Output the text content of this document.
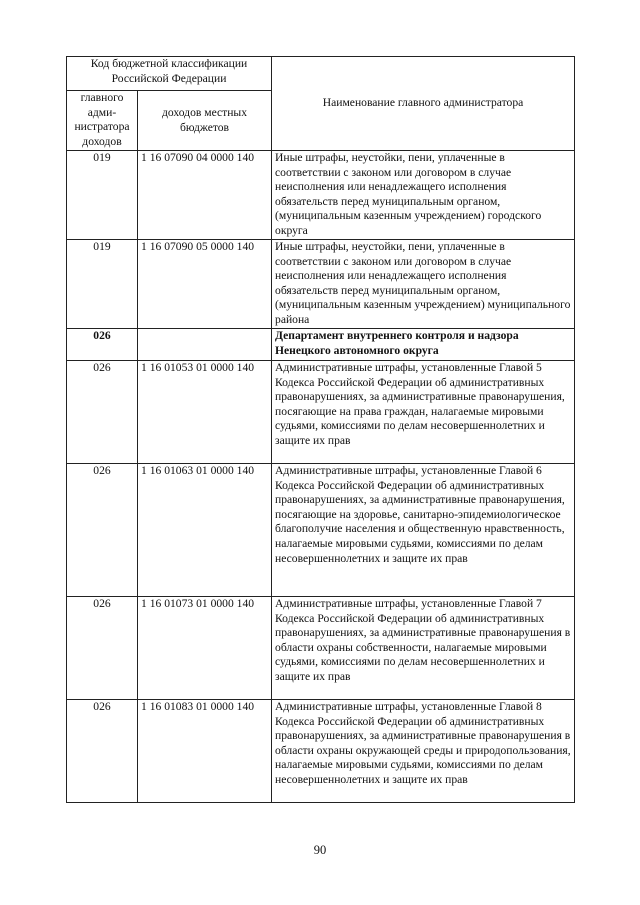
Код бюджетной классификации Российской Федерации		Наименование главного администратора

главного адми-нистратора доходов	доходов местных бюджетов	

019	1 16 07090 04 0000 140	Иные штрафы, неустойки, пени, уплаченные в соответствии с законом или договором в случае неисполнения или ненадлежащего исполнения обязательств перед муниципальным органом, (муниципальным казенным учреждением) городского округа
019	1 16 07090 05 0000 140	Иные штрафы, неустойки, пени, уплаченные в соответствии с законом или договором в случае неисполнения или ненадлежащего исполнения обязательств перед муниципальным органом, (муниципальным казенным учреждением) муниципального района
026		Департамент внутреннего контроля и надзора Ненецкого автономного округа
026	1 16 01053 01 0000 140	Административные штрафы, установленные Главой 5 Кодекса Российской Федерации об административных правонарушениях, за административные правонарушения, посягающие на права граждан, налагаемые мировыми судьями, комиссиями по делам несовершеннолетних и защите их прав
026	1 16 01063 01 0000 140	Административные штрафы, установленные Главой 6 Кодекса Российской Федерации об административных правонарушениях, за административные правонарушения, посягающие на здоровье, санитарно-эпидемиологическое благополучие населения и общественную нравственность, налагаемые мировыми судьями, комиссиями по делам несовершеннолетних и защите их прав
026	1 16 01073 01 0000 140	Административные штрафы, установленные Главой 7 Кодекса Российской Федерации об административных правонарушениях, за административные правонарушения в области охраны собственности, налагаемые мировыми судьями, комиссиями по делам несовершеннолетних и защите их прав
026	1 16 01083 01 0000 140	Административные штрафы, установленные Главой 8 Кодекса Российской Федерации об административных правонарушениях, за административные правонарушения в области охраны окружающей среды и природопользования, налагаемые мировыми судьями, комиссиями по делам несовершеннолетних и защите их прав
90
